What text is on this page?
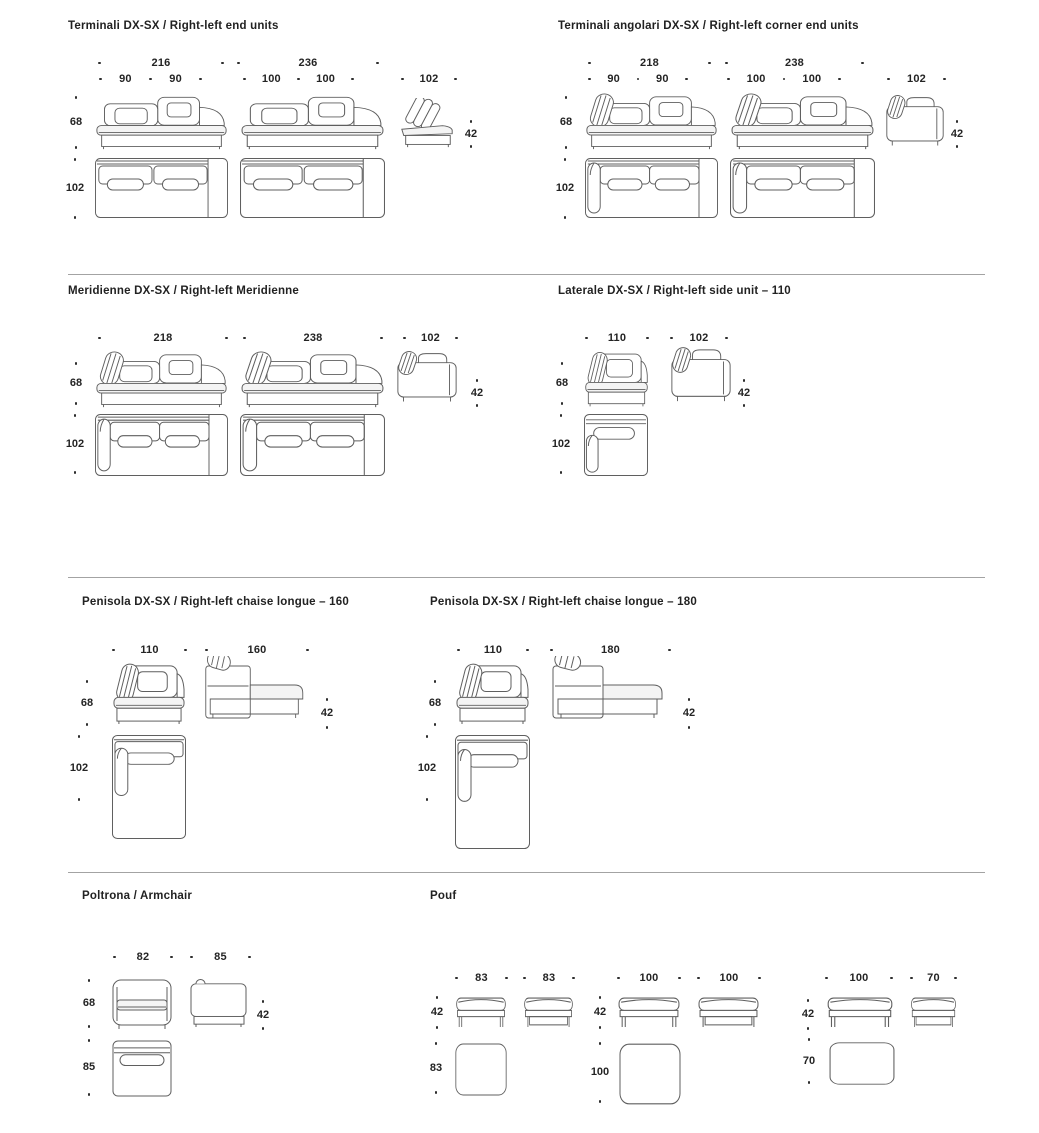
Terminali DX-SX / Right-left end units
216	236
90	90	100	100	102
68
102
42
Terminali angolari DX-SX / Right-left corner end units
218	238
90	90	100	100	102
68
102
42
Meridienne DX-SX / Right-left Meridienne
218	238	102
68
102
42
Laterale DX-SX / Right-left side unit – 110
110	102
68
102
42
Penisola DX-SX / Right-left chaise longue – 160
110	160
68
102
42
Penisola DX-SX / Right-left chaise longue – 180
110	180
68
102
42
Poltrona / Armchair
82	85
68
85
42
Pouf
83	83
42
83
100	100
42
100
100	70
42
70
